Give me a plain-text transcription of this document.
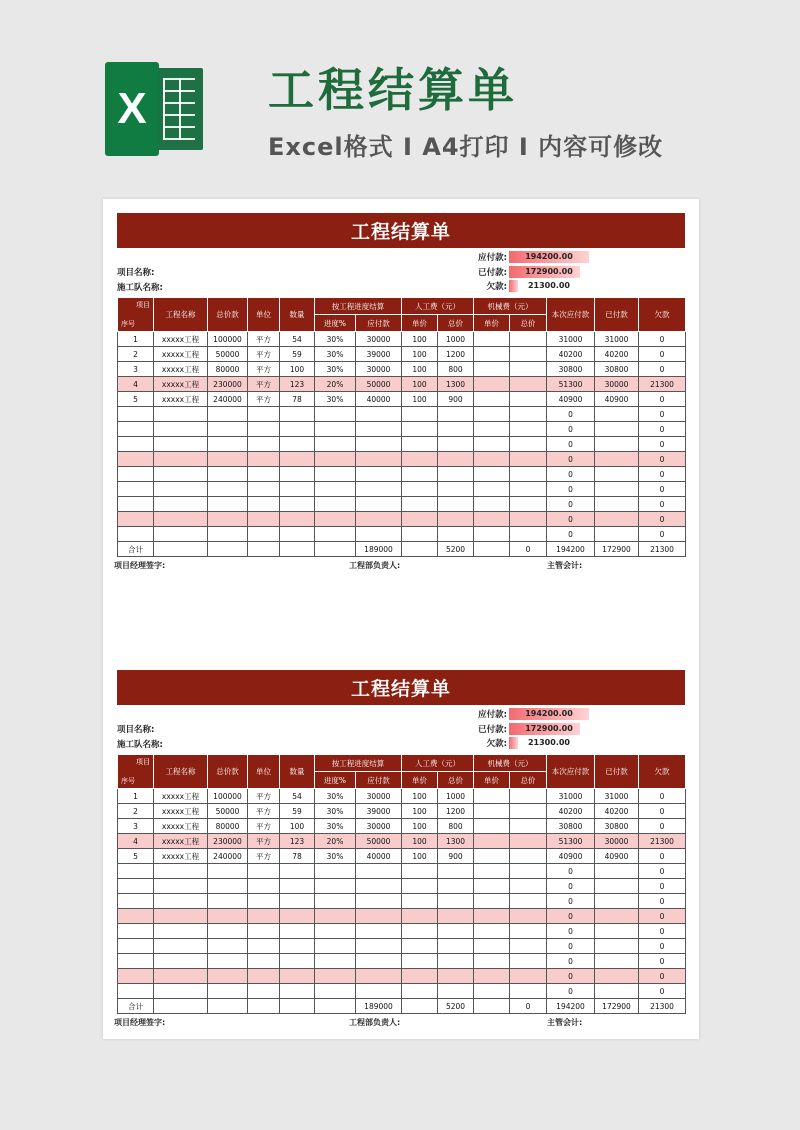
X	工程结算单
Excel格式 I A4打印 I 内容可修改
工程结算单
应付款:	194200.00
已付款:	172900.00
欠款:	21300.00
项目名称:
施工队名称:
项目
序号	工程名称	总价款	单位	数量	按工程进度结算		人工费（元）		机械费（元）		本次应付款	已付款	欠款
					进度%	应付款	单价	总价	单价	总价			
1	xxxxx工程	100000	平方	54	30%	30000	100	1000			31000	31000	0
2	xxxxx工程	50000	平方	59	30%	39000	100	1200			40200	40200	0
3	xxxxx工程	80000	平方	100	30%	30000	100	800			30800	30800	0
4	xxxxx工程	230000	平方	123	20%	50000	100	1300			51300	30000	21300
5	xxxxx工程	240000	平方	78	30%	40000	100	900			40900	40900	0
											0		0
											0		0
											0		0
											0		0
											0		0
											0		0
											0		0
											0		0
											0		0
合计						189000		5200		0	194200	172900	21300
项目经理签字:	工程部负责人:	主管会计:
工程结算单
应付款:	194200.00
已付款:	172900.00
欠款:	21300.00
项目名称:
施工队名称:
项目
序号	工程名称	总价款	单位	数量	按工程进度结算		人工费（元）		机械费（元）		本次应付款	已付款	欠款
					进度%	应付款	单价	总价	单价	总价			
1	xxxxx工程	100000	平方	54	30%	30000	100	1000			31000	31000	0
2	xxxxx工程	50000	平方	59	30%	39000	100	1200			40200	40200	0
3	xxxxx工程	80000	平方	100	30%	30000	100	800			30800	30800	0
4	xxxxx工程	230000	平方	123	20%	50000	100	1300			51300	30000	21300
5	xxxxx工程	240000	平方	78	30%	40000	100	900			40900	40900	0
											0		0
											0		0
											0		0
											0		0
											0		0
											0		0
											0		0
											0		0
											0		0
合计						189000		5200		0	194200	172900	21300
项目经理签字:	工程部负责人:	主管会计:
